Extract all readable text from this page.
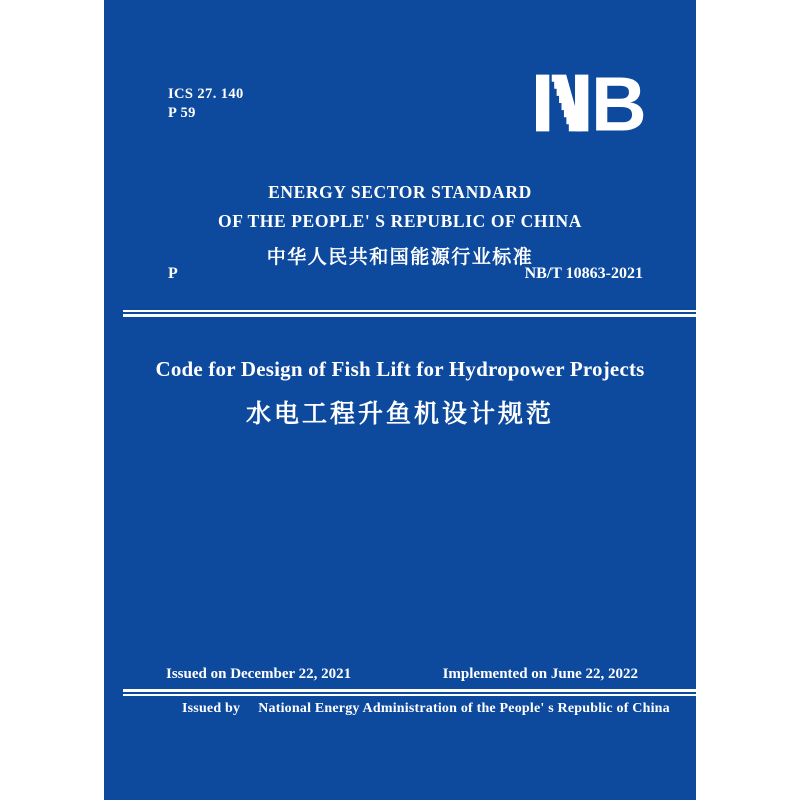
ICS 27. 140
P 59	B
ENERGY SECTOR STANDARD
OF THE PEOPLE' S REPUBLIC OF CHINA
中华人民共和国能源行业标准
P	NB/T 10863-2021
Code for Design of Fish Lift for Hydropower Projects
水电工程升鱼机设计规范
Issued on December 22, 2021	Implemented on June 22, 2022
Issued by National Energy Administration of the People' s Republic of China
